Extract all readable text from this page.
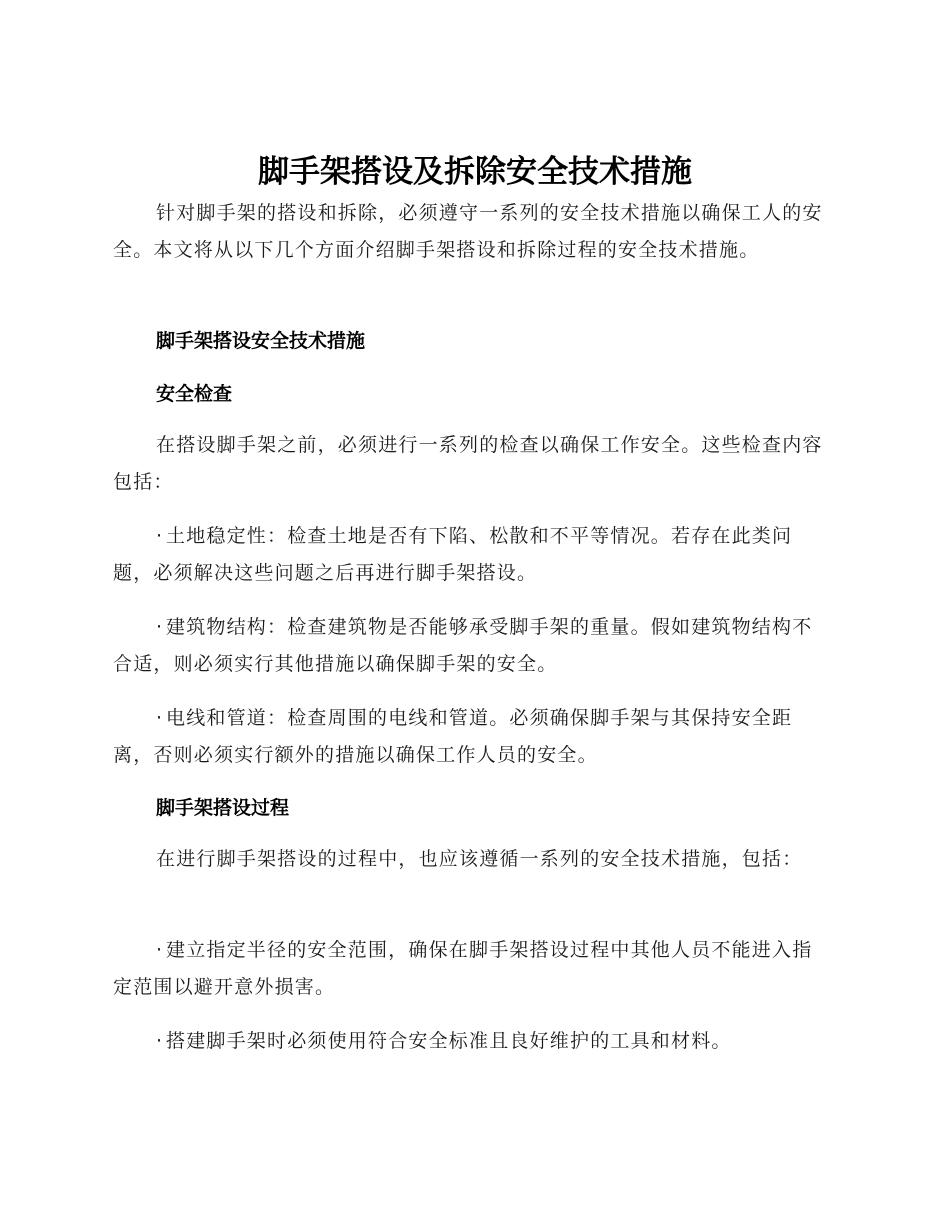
脚手架搭设及拆除安全技术措施

针对脚手架的搭设和拆除，必须遵守一系列的安全技术措施以确保工人的安全。本文将从以下几个方面介绍脚手架搭设和拆除过程的安全技术措施。

脚手架搭设安全技术措施

安全检查

在搭设脚手架之前，必须进行一系列的检查以确保工作安全。这些检查内容包括：

· 土地稳定性：检查土地是否有下陷、松散和不平等情况。若存在此类问题，必须解决这些问题之后再进行脚手架搭设。

· 建筑物结构：检查建筑物是否能够承受脚手架的重量。假如建筑物结构不合适，则必须实行其他措施以确保脚手架的安全。

· 电线和管道：检查周围的电线和管道。必须确保脚手架与其保持安全距离，否则必须实行额外的措施以确保工作人员的安全。

脚手架搭设过程

在进行脚手架搭设的过程中，也应该遵循一系列的安全技术措施，包括：

· 建立指定半径的安全范围，确保在脚手架搭设过程中其他人员不能进入指定范围以避开意外损害。

· 搭建脚手架时必须使用符合安全标准且良好维护的工具和材料。
